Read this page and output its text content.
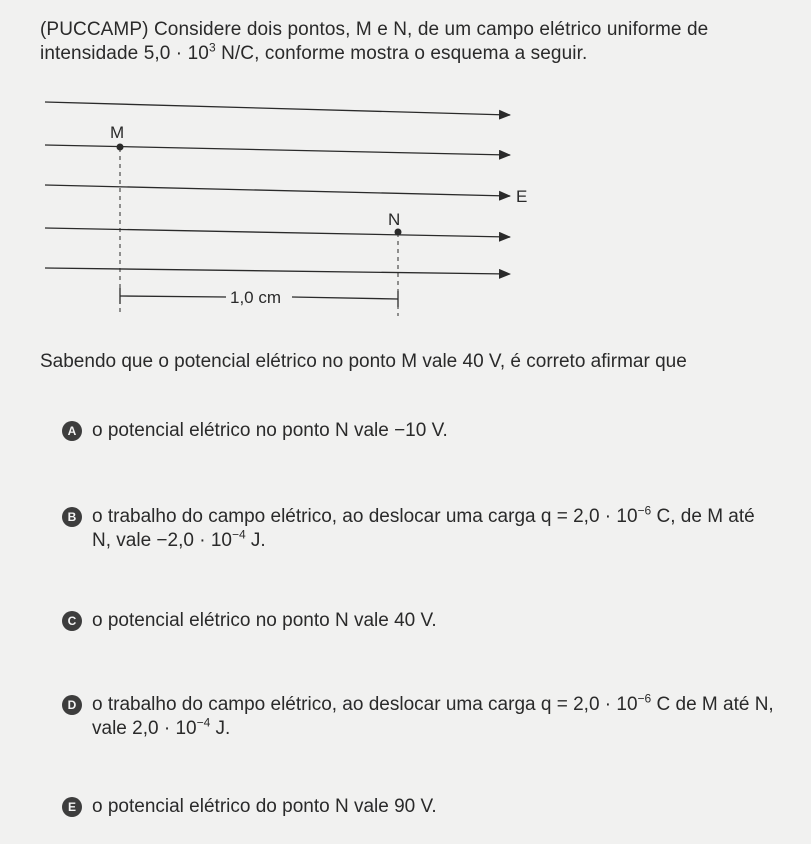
(PUCCAMP) Considere dois pontos, M e N, de um campo elétrico uniforme de
intensidade $5,0 \cdot 10^3$ N/C, conforme mostra o esquema a seguir.
M
N
E
1,0 cm
Sabendo que o potencial elétrico no ponto M vale 40 V, é correto afirmar que
A o potencial elétrico no ponto N vale −10 V.
B o trabalho do campo elétrico, ao deslocar uma carga $q = 2,0 \cdot 10^{-6}$ C, de M até
N, vale $-2,0 \cdot 10^{-4}$ J.
C o potencial elétrico no ponto N vale 40 V.
D o trabalho do campo elétrico, ao deslocar uma carga $q = 2,0 \cdot 10^{-6}$ C de M até N,
vale $2,0 \cdot 10^{-4}$ J.
E o potencial elétrico do ponto N vale 90 V.
